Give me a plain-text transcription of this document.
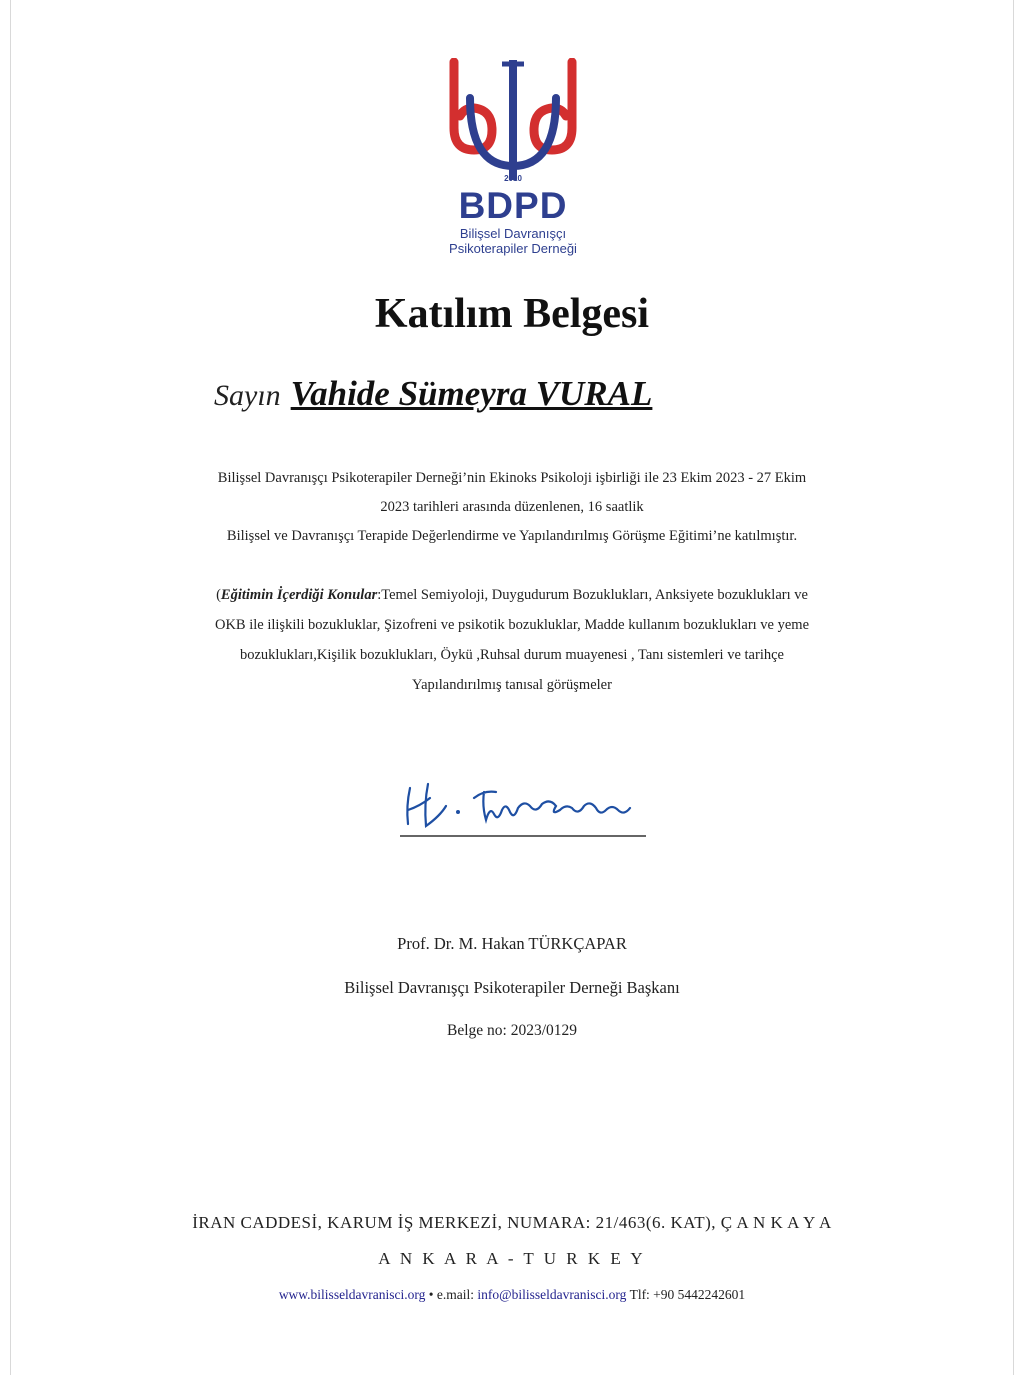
2010
BDPD
Bilişsel Davranışçı
Psikoterapiler Derneği
Katılım Belgesi
Sayın Vahide Sümeyra VURAL
Bilişsel Davranışçı Psikoterapiler Derneği’nin Ekinoks Psikoloji işbirliği ile 23 Ekim 2023 - 27 Ekim
2023 tarihleri arasında düzenlenen, 16 saatlik
Bilişsel ve Davranışçı Terapide Değerlendirme ve Yapılandırılmış Görüşme Eğitimi’ne katılmıştır.
(Eğitimin İçerdiği Konular:Temel Semiyoloji, Duygudurum Bozuklukları, Anksiyete bozuklukları ve
OKB ile ilişkili bozukluklar, Şizofreni ve psikotik bozukluklar, Madde kullanım bozuklukları ve yeme
bozuklukları,Kişilik bozuklukları, Öykü ,Ruhsal durum muayenesi , Tanı sistemleri ve tarihçe
Yapılandırılmış tanısal görüşmeler
Prof. Dr. M. Hakan TÜRKÇAPAR
Bilişsel Davranışçı Psikoterapiler Derneği Başkanı
Belge no: 2023/0129
İRAN CADDESİ, KARUM İŞ MERKEZİ, NUMARA: 21/463(6. KAT), Ç A N K A Y A
A N K A R A - T U R K E Y
www.bilisseldavranisci.org • e.mail: info@bilisseldavranisci.org Tlf: +90 5442242601
